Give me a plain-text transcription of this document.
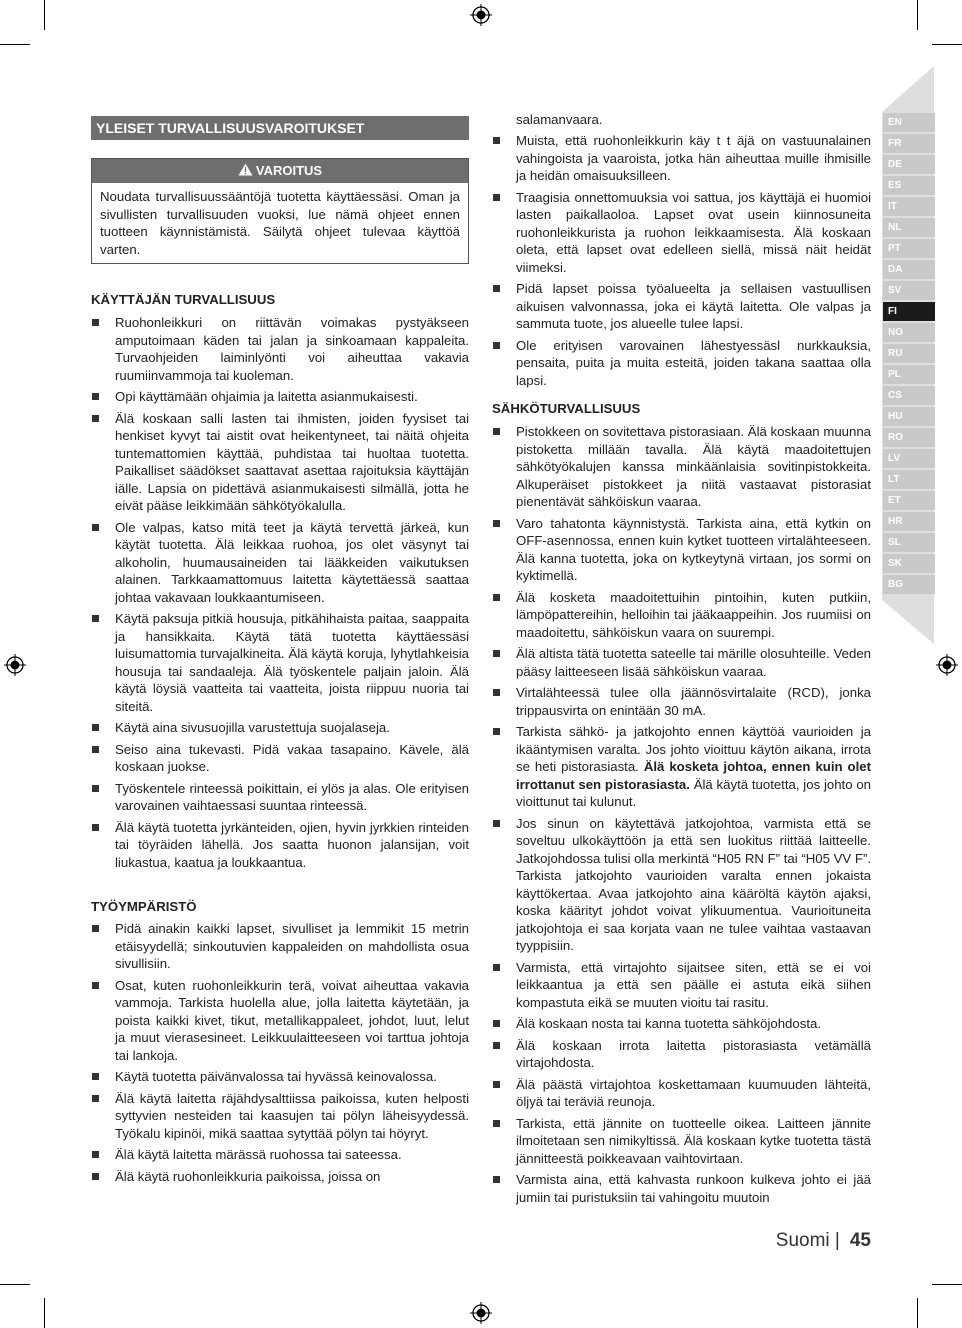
EN
FR
DE
ES
IT
NL
PT
DA
SV
FI
NO
RU
PL
CS
HU
RO
LV
LT
ET
HR
SL
SK
BG
YLEISET TURVALLISUUSVAROITUKSET
VAROITUS
Noudata turvallisuussääntöjä tuotetta käyttäessäsi. Oman ja sivullisten turvallisuuden vuoksi, lue nämä ohjeet ennen tuotteen käynnistämistä. Säilytä ohjeet tulevaa käyttöä varten.
KÄYTTÄJÄN TURVALLISUUS
Ruohonleikkuri on riittävän voimakas pystyäkseen amputoimaan käden tai jalan ja sinkoamaan kappaleita. Turvaohjeiden laiminlyönti voi aiheuttaa vakavia ruumiinvammoja tai kuoleman.
Opi käyttämään ohjaimia ja laitetta asianmukaisesti.
Älä koskaan salli lasten tai ihmisten, joiden fyysiset tai henkiset kyvyt tai aistit ovat heikentyneet, tai näitä ohjeita tuntemattomien käyttää, puhdistaa tai huoltaa tuotetta. Paikalliset säädökset saattavat asettaa rajoituksia käyttäjän iälle. Lapsia on pidettävä asianmukaisesti silmällä, jotta he eivät pääse leikkimään sähkötyökalulla.
Ole valpas, katso mitä teet ja käytä tervettä järkeä, kun käytät tuotetta. Älä leikkaa ruohoa, jos olet väsynyt tai alkoholin, huumausaineiden tai lääkkeiden vaikutuksen alainen. Tarkkaamattomuus laitetta käytettäessä saattaa johtaa vakavaan loukkaantumiseen.
Käytä paksuja pitkiä housuja, pitkähihaista paitaa, saappaita ja hansikkaita. Käytä tätä tuotetta käyttäessäsi luisumattomia turvajalkineita. Älä käytä koruja, lyhytlahkeisia housuja tai sandaaleja. Älä työskentele paljain jaloin. Älä käytä löysiä vaatteita tai vaatteita, joista riippuu nuoria tai siteitä.
Käytä aina sivusuojilla varustettuja suojalaseja.
Seiso aina tukevasti. Pidä vakaa tasapaino. Kävele, älä koskaan juokse.
Työskentele rinteessä poikittain, ei ylös ja alas. Ole erityisen varovainen vaihtaessasi suuntaa rinteessä.
Älä käytä tuotetta jyrkänteiden, ojien, hyvin jyrkkien rinteiden tai töyräiden lähellä. Jos saatta huonon jalansijan, voit liukastua, kaatua ja loukkaantua.
TYÖYMPÄRISTÖ
Pidä ainakin kaikki lapset, sivulliset ja lemmikit 15 metrin etäisyydellä; sinkoutuvien kappaleiden on mahdollista osua sivullisiin.
Osat, kuten ruohonleikkurin terä, voivat aiheuttaa vakavia vammoja. Tarkista huolella alue, jolla laitetta käytetään, ja poista kaikki kivet, tikut, metallikappaleet, johdot, luut, lelut ja muut vierasesineet. Leikkuulaitteeseen voi tarttua johtoja tai lankoja.
Käytä tuotetta päivänvalossa tai hyvässä keinovalossa.
Älä käytä laitetta räjähdysalttiissa paikoissa, kuten helposti syttyvien nesteiden tai kaasujen tai pölyn läheisyydessä. Työkalu kipinöi, mikä saattaa sytyttää pölyn tai höyryt.
Älä käytä laitetta märässä ruohossa tai sateessa.
Älä käytä ruohonleikkuria paikoissa, joissa on
salamanvaara.
Muista, että ruohonleikkurin käy t t äjä on vastuunalainen vahingoista ja vaaroista, jotka hän aiheuttaa muille ihmisille ja heidän omaisuuksilleen.
Traagisia onnettomuuksia voi sattua, jos käyttäjä ei huomioi lasten paikallaoloa. Lapset ovat usein kiinnosuneita ruohonleikkurista ja ruohon leikkaamisesta. Älä koskaan oleta, että lapset ovat edelleen siellä, missä näit heidät viimeksi.
Pidä lapset poissa työalueelta ja sellaisen vastuullisen aikuisen valvonnassa, joka ei käytä laitetta. Ole valpas ja sammuta tuote, jos alueelle tulee lapsi.
Ole erityisen varovainen lähestyessäsl nurkkauksia, pensaita, puita ja muita esteitä, joiden takana saattaa olla lapsi.
SÄHKÖTURVALLISUUS
Pistokkeen on sovitettava pistorasiaan. Älä koskaan muunna pistoketta millään tavalla. Älä käytä maadoitettujen sähkötyökalujen kanssa minkäänlaisia sovitinpistokkeita. Alkuperäiset pistokkeet ja niitä vastaavat pistorasiat pienentävät sähköiskun vaaraa.
Varo tahatonta käynnistystä. Tarkista aina, että kytkin on OFF-asennossa, ennen kuin kytket tuotteen virtalähteeseen. Älä kanna tuotetta, joka on kytkeytynä virtaan, jos sormi on kyktimellä.
Älä kosketa maadoitettuihin pintoihin, kuten putkiin, lämpöpattereihin, helloihin tai jääkaappeihin. Jos ruumiisi on maadoitettu, sähköiskun vaara on suurempi.
Älä altista tätä tuotetta sateelle tai märille olosuhteille. Veden pääsy laitteeseen lisää sähköiskun vaaraa.
Virtalähteessä tulee olla jäännösvirtalaite (RCD), jonka trippausvirta on enintään 30 mA.
Tarkista sähkö- ja jatkojohto ennen käyttöä vaurioiden ja ikääntymisen varalta. Jos johto vioittuu käytön aikana, irrota se heti pistorasiasta. Älä kosketa johtoa, ennen kuin olet irrottanut sen pistorasiasta. Älä käytä tuotetta, jos johto on vioittunut tai kulunut.
Jos sinun on käytettävä jatkojohtoa, varmista että se soveltuu ulkokäyttöön ja että sen luokitus riittää laitteelle. Jatkojohdossa tulisi olla merkintä “H05 RN F” tai “H05 VV F”. Tarkista jatkojohto vaurioiden varalta ennen jokaista käyttökertaa. Avaa jatkojohto aina kääröltä käytön ajaksi, koska käärityt johdot voivat ylikuumentua. Vaurioituneita jatkojohtoja ei saa korjata vaan ne tulee vaihtaa vastaavan tyyppisiin.
Varmista, että virtajohto sijaitsee siten, että se ei voi leikkaantua ja että sen päälle ei astuta eikä siihen kompastuta eikä se muuten vioitu tai rasitu.
Älä koskaan nosta tai kanna tuotetta sähköjohdosta.
Älä koskaan irrota laitetta pistorasiasta vetämällä virtajohdosta.
Älä päästä virtajohtoa koskettamaan kuumuuden lähteitä, öljyä tai teräviä reunoja.
Tarkista, että jännite on tuotteelle oikea. Laitteen jännite ilmoitetaan sen nimikyltissä. Älä koskaan kytke tuotetta tästä jännitteestä poikkeavaan vaihtovirtaan.
Varmista aina, että kahvasta runkoon kulkeva johto ei jää jumiin tai puristuksiin tai vahingoitu muutoin
Suomi | 45
